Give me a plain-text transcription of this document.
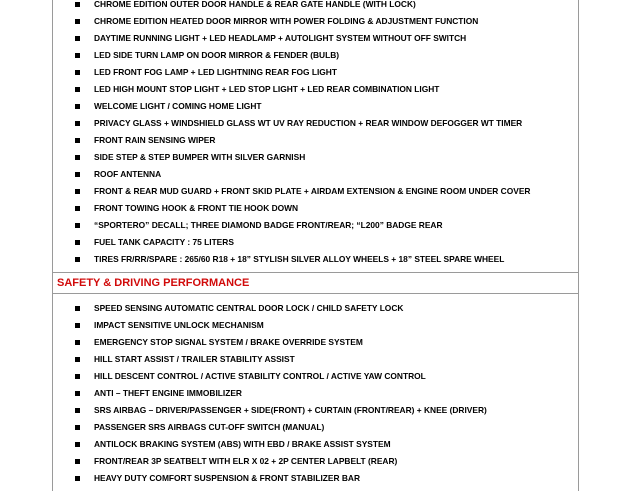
CHROME EDITION OUTER DOOR HANDLE & REAR GATE HANDLE (WITH LOCK)
CHROME EDITION HEATED DOOR MIRROR WITH POWER FOLDING & ADJUSTMENT FUNCTION
DAYTIME RUNNING LIGHT + LED HEADLAMP + AUTOLIGHT SYSTEM WITHOUT OFF SWITCH
LED SIDE TURN LAMP ON DOOR MIRROR & FENDER (BULB)
LED FRONT FOG LAMP + LED LIGHTNING REAR FOG LIGHT
LED HIGH MOUNT STOP LIGHT + LED STOP LIGHT + LED REAR COMBINATION LIGHT
WELCOME LIGHT / COMING HOME LIGHT
PRIVACY GLASS + WINDSHIELD GLASS WT UV RAY REDUCTION + REAR WINDOW DEFOGGER WT TIMER
FRONT RAIN SENSING WIPER
SIDE STEP & STEP BUMPER WITH SILVER GARNISH
ROOF ANTENNA
FRONT & REAR MUD GUARD + FRONT SKID PLATE + AIRDAM EXTENSION & ENGINE ROOM UNDER COVER
FRONT TOWING HOOK & FRONT TIE HOOK DOWN
“SPORTERO” DECALL; THREE DIAMOND BADGE FRONT/REAR; “L200” BADGE REAR
FUEL TANK CAPACITY : 75 LITERS
TIRES FR/RR/SPARE : 265/60 R18 + 18” STYLISH SILVER ALLOY WHEELS + 18” STEEL SPARE WHEEL
SAFETY & DRIVING PERFORMANCE
SPEED SENSING AUTOMATIC CENTRAL DOOR LOCK / CHILD SAFETY LOCK
IMPACT SENSITIVE UNLOCK MECHANISM
EMERGENCY STOP SIGNAL SYSTEM / BRAKE OVERRIDE SYSTEM
HILL START ASSIST / TRAILER STABILITY ASSIST
HILL DESCENT CONTROL / ACTIVE STABILITY CONTROL / ACTIVE YAW CONTROL
ANTI – THEFT ENGINE IMMOBILIZER
SRS AIRBAG – DRIVER/PASSENGER + SIDE(FRONT) + CURTAIN (FRONT/REAR) + KNEE (DRIVER)
PASSENGER SRS AIRBAGS CUT-OFF SWITCH (MANUAL)
ANTILOCK BRAKING SYSTEM (ABS) WITH EBD / BRAKE ASSIST SYSTEM
FRONT/REAR 3P SEATBELT WITH ELR X 02 + 2P CENTER LAPBELT (REAR)
HEAVY DUTY COMFORT SUSPENSION & FRONT STABILIZER BAR
